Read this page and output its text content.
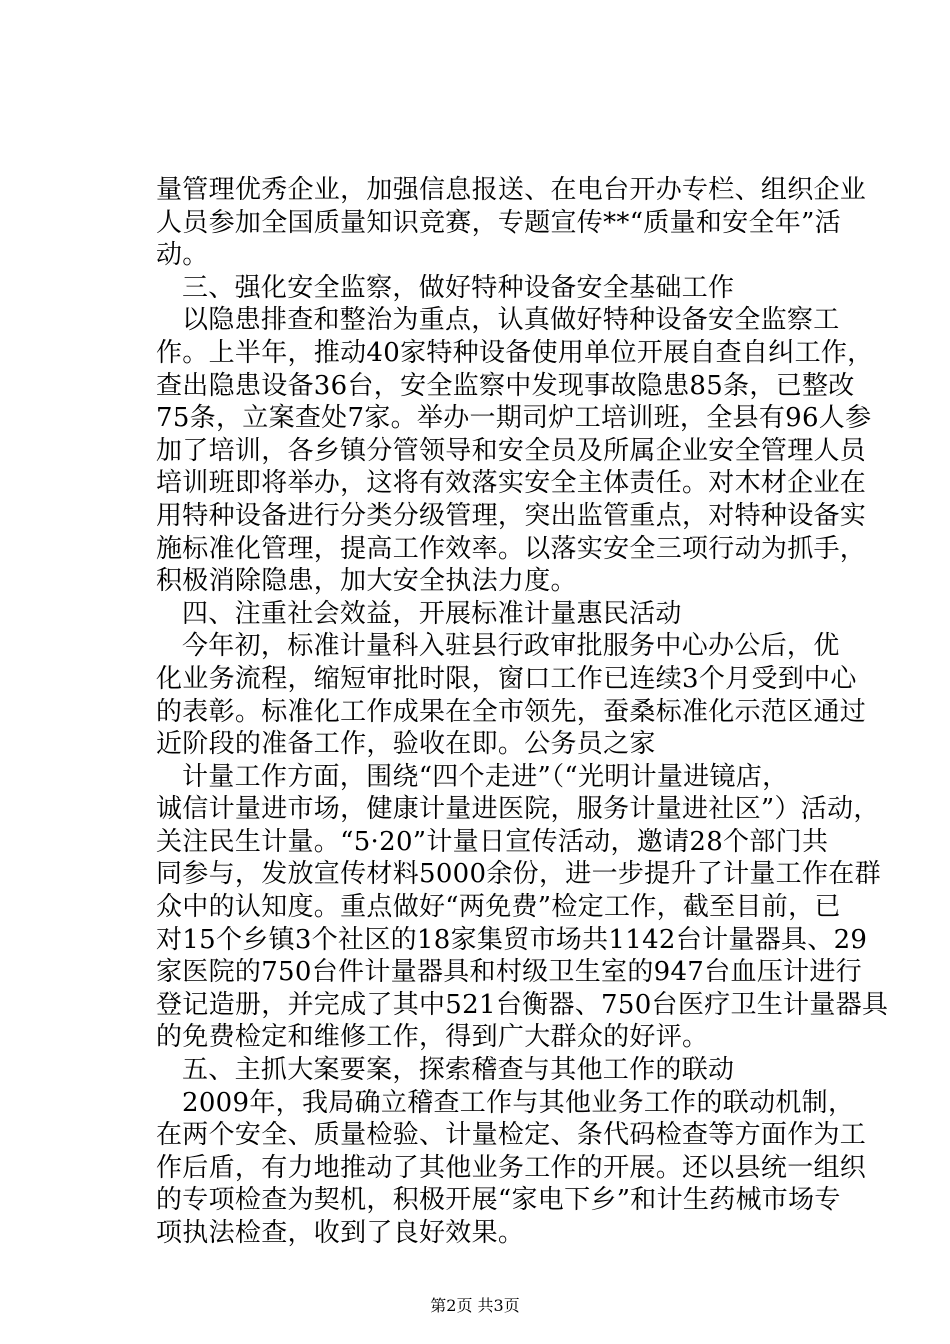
量管理优秀企业，加强信息报送、在电台开办专栏、组织企业
人员参加全国质量知识竞赛，专题宣传**“质量和安全年”活
动。
三、强化安全监察，做好特种设备安全基础工作
以隐患排查和整治为重点，认真做好特种设备安全监察工
作。上半年，推动40家特种设备使用单位开展自查自纠工作，
查出隐患设备36台，安全监察中发现事故隐患85条，已整改
75条，立案查处7家。举办一期司炉工培训班，全县有96人参
加了培训，各乡镇分管领导和安全员及所属企业安全管理人员
培训班即将举办，这将有效落实安全主体责任。对木材企业在
用特种设备进行分类分级管理，突出监管重点，对特种设备实
施标准化管理，提高工作效率。以落实安全三项行动为抓手，
积极消除隐患，加大安全执法力度。
四、注重社会效益，开展标准计量惠民活动
今年初，标准计量科入驻县行政审批服务中心办公后，优
化业务流程，缩短审批时限，窗口工作已连续3个月受到中心
的表彰。标准化工作成果在全市领先，蚕桑标准化示范区通过
近阶段的准备工作，验收在即。公务员之家
计量工作方面，围绕“四个走进”（“光明计量进镜店，
诚信计量进市场，健康计量进医院，服务计量进社区”）活动，
关注民生计量。“5·20”计量日宣传活动，邀请28个部门共
同参与，发放宣传材料5000余份，进一步提升了计量工作在群
众中的认知度。重点做好“两免费”检定工作，截至目前，已
对15个乡镇3个社区的18家集贸市场共1142台计量器具、29
家医院的750台件计量器具和村级卫生室的947台血压计进行
登记造册，并完成了其中521台衡器、750台医疗卫生计量器具
的免费检定和维修工作，得到广大群众的好评。
五、主抓大案要案，探索稽查与其他工作的联动
2009年，我局确立稽查工作与其他业务工作的联动机制，
在两个安全、质量检验、计量检定、条代码检查等方面作为工
作后盾，有力地推动了其他业务工作的开展。还以县统一组织
的专项检查为契机，积极开展“家电下乡”和计生药械市场专
项执法检查，收到了良好效果。
第2页 共3页
